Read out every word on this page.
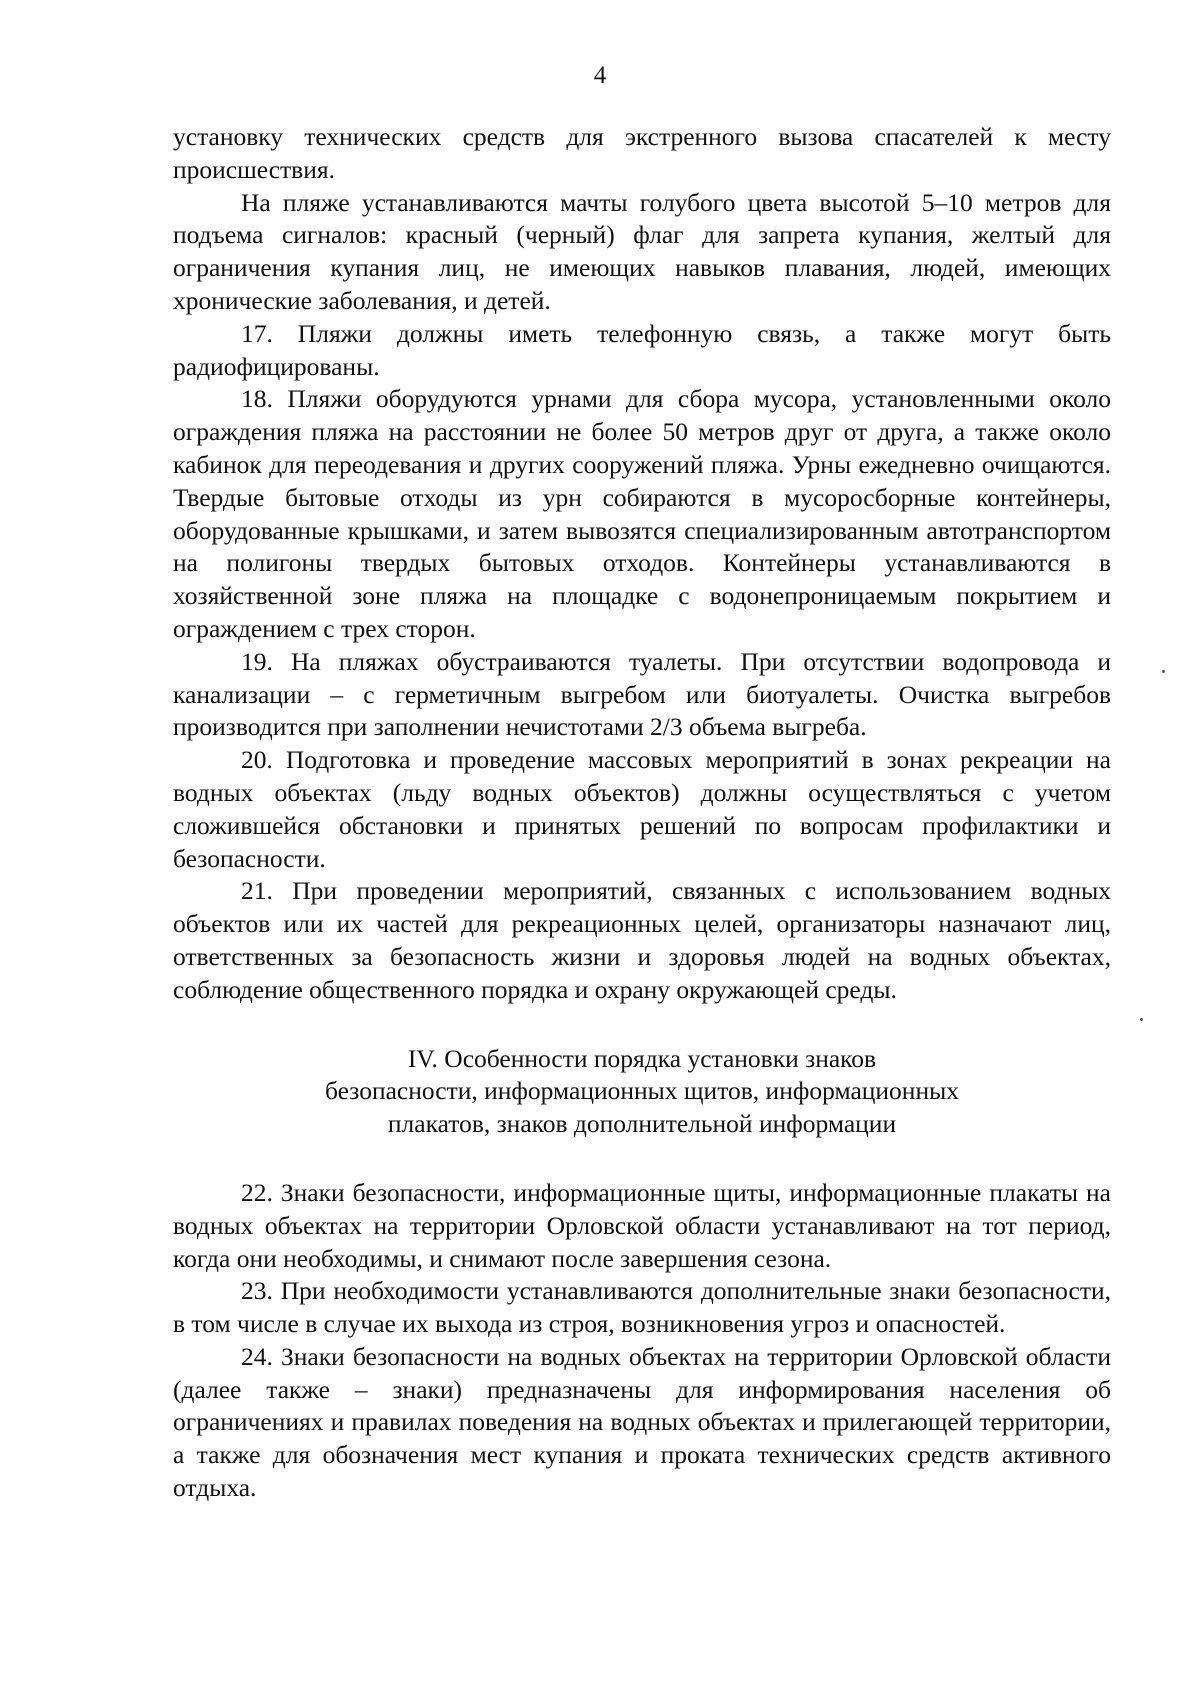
4

установку технических средств для экстренного вызова спасателей к месту происшествия.

На пляже устанавливаются мачты голубого цвета высотой 5–10 метров для подъема сигналов: красный (черный) флаг для запрета купания, желтый для ограничения купания лиц, не имеющих навыков плавания, людей, имеющих хронические заболевания, и детей.

17. Пляжи должны иметь телефонную связь, а также могут быть радиофицированы.

18. Пляжи оборудуются урнами для сбора мусора, установленными около ограждения пляжа на расстоянии не более 50 метров друг от друга, а также около кабинок для переодевания и других сооружений пляжа. Урны ежедневно очищаются. Твердые бытовые отходы из урн собираются в мусоросборные контейнеры, оборудованные крышками, и затем вывозятся специализированным автотранспортом на полигоны твердых бытовых отходов. Контейнеры устанавливаются в хозяйственной зоне пляжа на площадке с водонепроницаемым покрытием и ограждением с трех сторон.

19. На пляжах обустраиваются туалеты. При отсутствии водопровода и канализации – с герметичным выгребом или биотуалеты. Очистка выгребов производится при заполнении нечистотами 2/3 объема выгреба.

20. Подготовка и проведение массовых мероприятий в зонах рекреации на водных объектах (льду водных объектов) должны осуществляться с учетом сложившейся обстановки и принятых решений по вопросам профилактики и безопасности.

21. При проведении мероприятий, связанных с использованием водных объектов или их частей для рекреационных целей, организаторы назначают лиц, ответственных за безопасность жизни и здоровья людей на водных объектах, соблюдение общественного порядка и охрану окружающей среды.

IV. Особенности порядка установки знаков
безопасности, информационных щитов, информационных
плакатов, знаков дополнительной информации

22. Знаки безопасности, информационные щиты, информационные плакаты на водных объектах на территории Орловской области устанавливают на тот период, когда они необходимы, и снимают после завершения сезона.

23. При необходимости устанавливаются дополнительные знаки безопасности, в том числе в случае их выхода из строя, возникновения угроз и опасностей.

24. Знаки безопасности на водных объектах на территории Орловской области (далее также – знаки) предназначены для информирования населения об ограничениях и правилах поведения на водных объектах и прилегающей территории, а также для обозначения мест купания и проката технических средств активного отдыха.
